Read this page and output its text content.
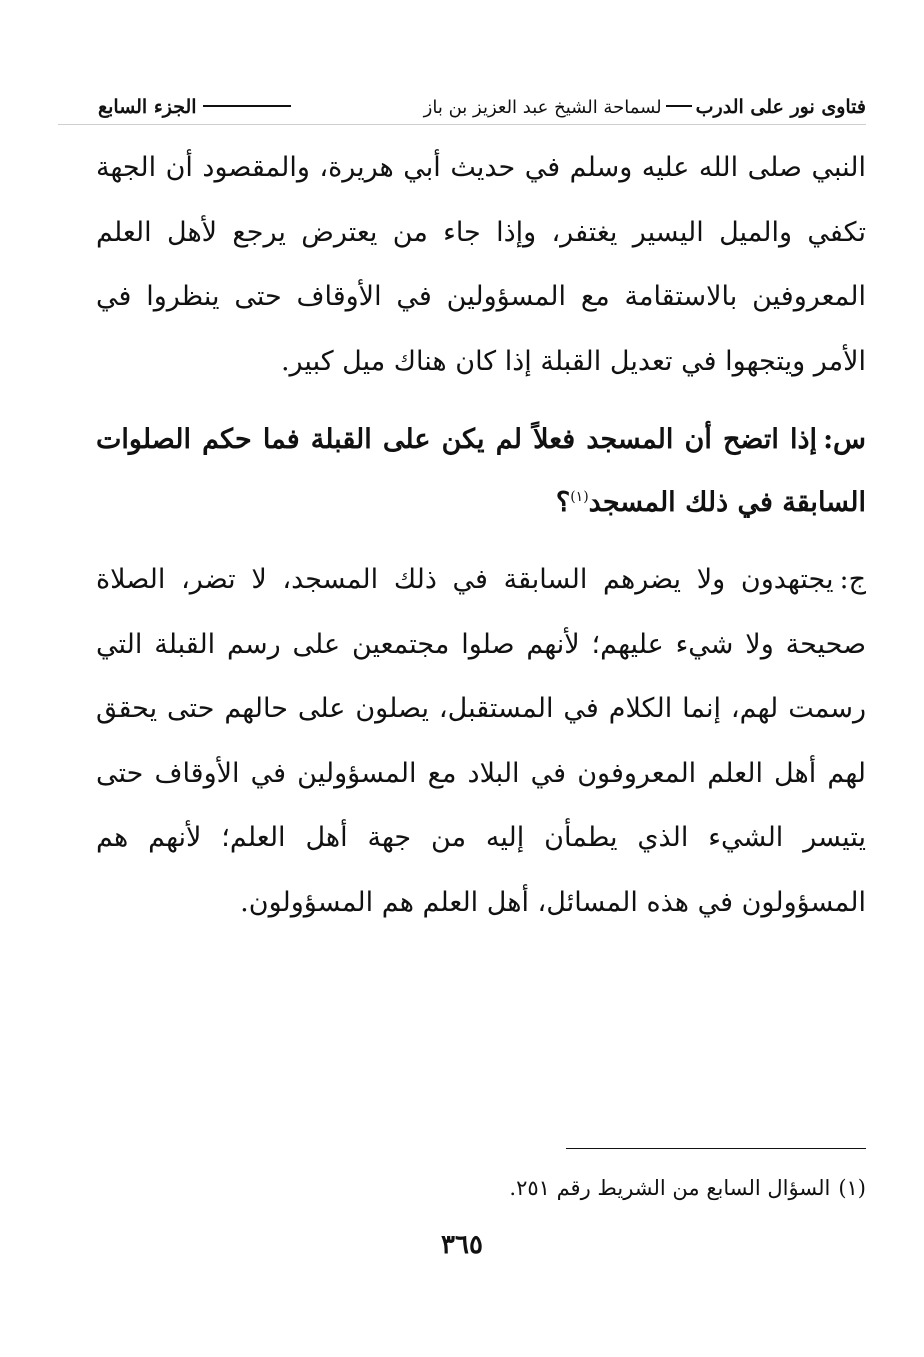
فتاوى نور على الدربلسماحة الشيخ عبد العزيز بن باز
الجزء السابع
النبي صلى الله عليه وسلم في حديث أبي هريرة، والمقصود أن الجهة تكفي والميل اليسير يغتفر، وإذا جاء من يعترض يرجع لأهل العلم المعروفين بالاستقامة مع المسؤولين في الأوقاف حتى ينظروا في الأمر ويتجهوا في تعديل القبلة إذا كان هناك ميل كبير.
س:إذا اتضح أن المسجد فعلاً لم يكن على القبلة فما حكم الصلوات السابقة في ذلك المسجد$^{(١)}$؟
ج:يجتهدون ولا يضرهم السابقة في ذلك المسجد، لا تضر، الصلاة صحيحة ولا شيء عليهم؛ لأنهم صلوا مجتمعين على رسم القبلة التي رسمت لهم، إنما الكلام في المستقبل، يصلون على حالهم حتى يحقق لهم أهل العلم المعروفون في البلاد مع المسؤولين في الأوقاف حتى يتيسر الشيء الذي يطمأن إليه من جهة أهل العلم؛ لأنهم هم المسؤولون في هذه المسائل، أهل العلم هم المسؤولون.
(١)السؤال السابع من الشريط رقم ٢٥١.
٣٦٥
